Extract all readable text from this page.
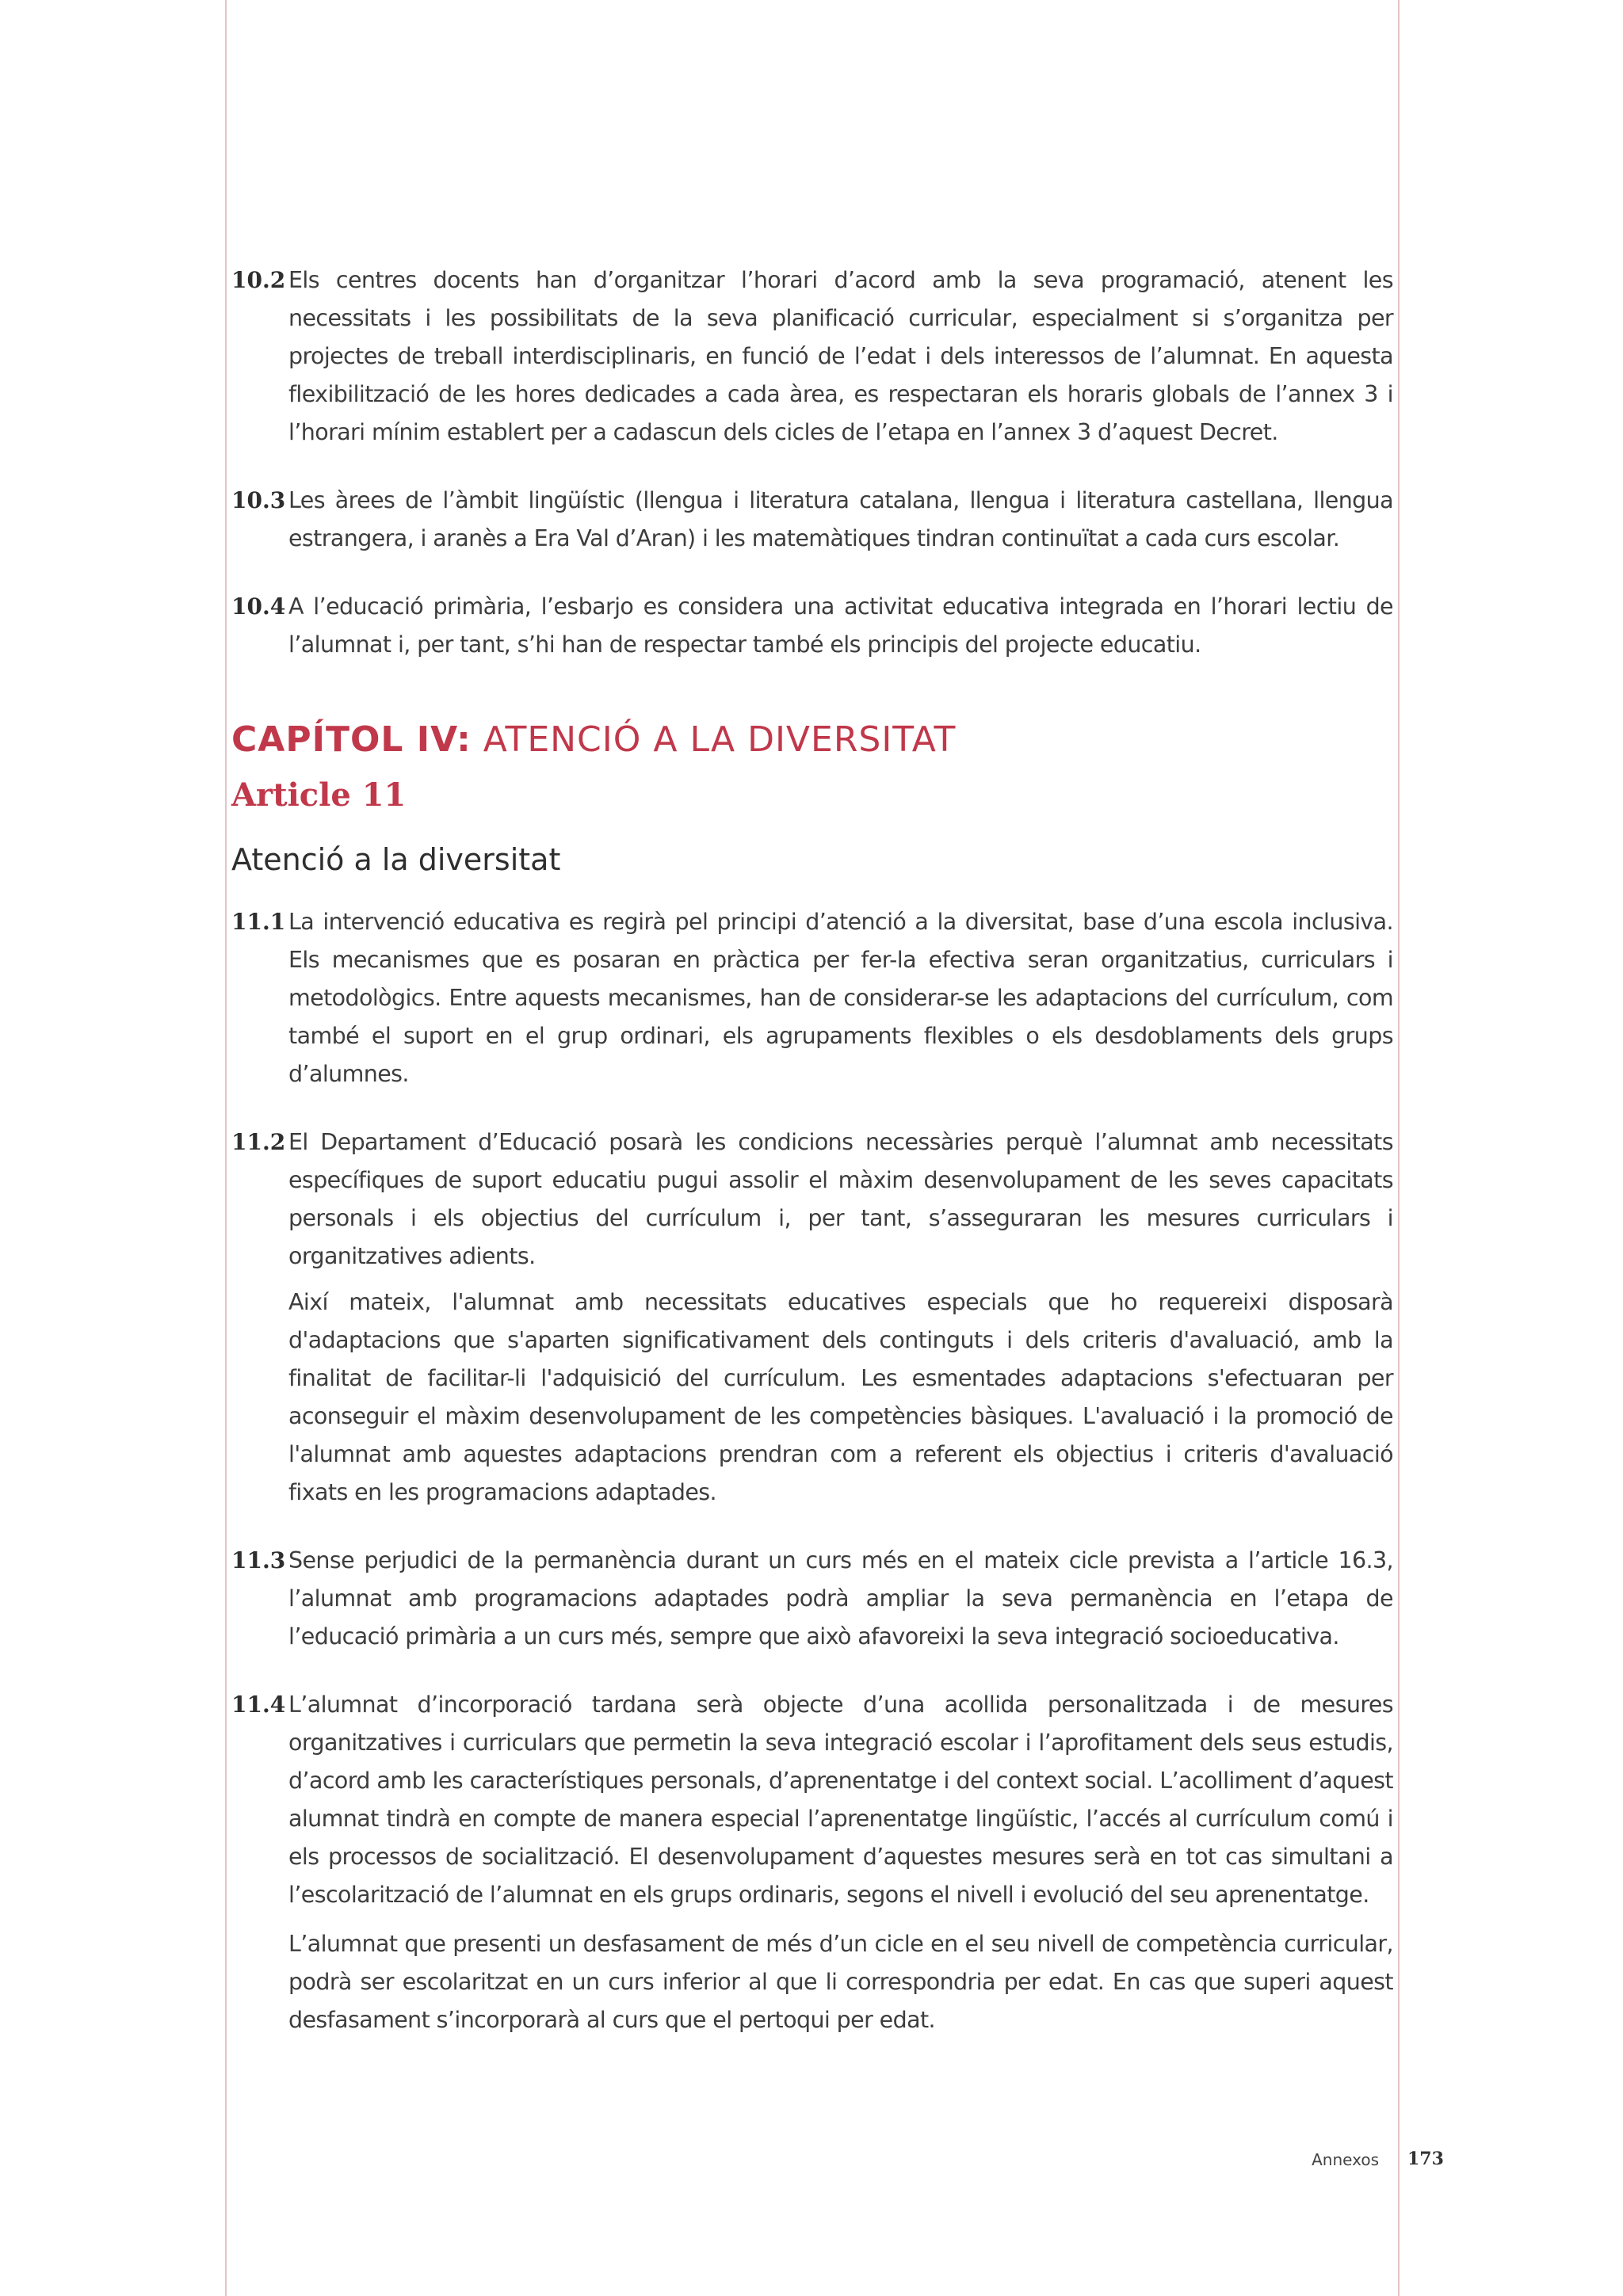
10.2 Els centres docents han d’organitzar l’horari d’acord amb la seva programació, atenent les necessitats i les possibilitats de la seva planificació curricular, especialment si s’organitza per projectes de treball interdisciplinaris, en funció de l’edat i dels interessos de l’alumnat. En aquesta flexibilització de les hores dedicades a cada àrea, es respectaran els horaris globals de l’annex 3 i l’horari mínim establert per a cadascun dels cicles de l’etapa en l’annex 3 d’aquest Decret.

10.3 Les àrees de l’àmbit lingüístic (llengua i literatura catalana, llengua i literatura castellana, llengua estrangera, i aranès a Era Val d’Aran) i les matemàtiques tindran continuïtat a cada curs escolar.

10.4 A l’educació primària, l’esbarjo es considera una activitat educativa integrada en l’horari lectiu de l’alumnat i, per tant, s’hi han de respectar també els principis del projecte educatiu.

CAPÍTOL IV: ATENCIÓ A LA DIVERSITAT
Article 11
Atenció a la diversitat
11.1 La intervenció educativa es regirà pel principi d’atenció a la diversitat, base d’una escola inclusiva. Els mecanismes que es posaran en pràctica per fer-la efectiva seran organitzatius, curriculars i metodològics. Entre aquests mecanismes, han de considerar-se les adaptacions del currículum, com també el suport en el grup ordinari, els agrupaments flexibles o els desdoblaments dels grups d’alumnes.

11.2 El Departament d’Educació posarà les condicions necessàries perquè l’alumnat amb necessitats específiques de suport educatiu pugui assolir el màxim desenvolupament de les seves capacitats personals i els objectius del currículum i, per tant, s’asseguraran les mesures curriculars i organitzatives adients.

Així mateix, l'alumnat amb necessitats educatives especials que ho requereixi disposarà d'adaptacions que s'aparten significativament dels continguts i dels criteris d'avaluació, amb la finalitat de facilitar-li l'adquisició del currículum. Les esmentades adaptacions s'efectuaran per aconseguir el màxim desenvolupament de les competències bàsiques. L'avaluació i la promoció de l'alumnat amb aquestes adaptacions prendran com a referent els objectius i criteris d'avaluació fixats en les programacions adaptades.

11.3 Sense perjudici de la permanència durant un curs més en el mateix cicle prevista a l’article 16.3, l’alumnat amb programacions adaptades podrà ampliar la seva permanència en l’etapa de l’educació primària a un curs més, sempre que això afavoreixi la seva integració socioeducativa.

11.4 L’alumnat d’incorporació tardana serà objecte d’una acollida personalitzada i de mesures organitzatives i curriculars que permetin la seva integració escolar i l’aprofitament dels seus estudis, d’acord amb les característiques personals, d’aprenentatge i del context social. L’acolliment d’aquest alumnat tindrà en compte de manera especial l’aprenentatge lingüístic, l’accés al currículum comú i els processos de socialització. El desenvolupament d’aquestes mesures serà en tot cas simultani a l’escolarització de l’alumnat en els grups ordinaris, segons el nivell i evolució del seu aprenentatge.

L’alumnat que presenti un desfasament de més d’un cicle en el seu nivell de competència curricular, podrà ser escolaritzat en un curs inferior al que li correspondria per edat. En cas que superi aquest desfasament s’incorporarà al curs que el pertoqui per edat.

Annexos 173
